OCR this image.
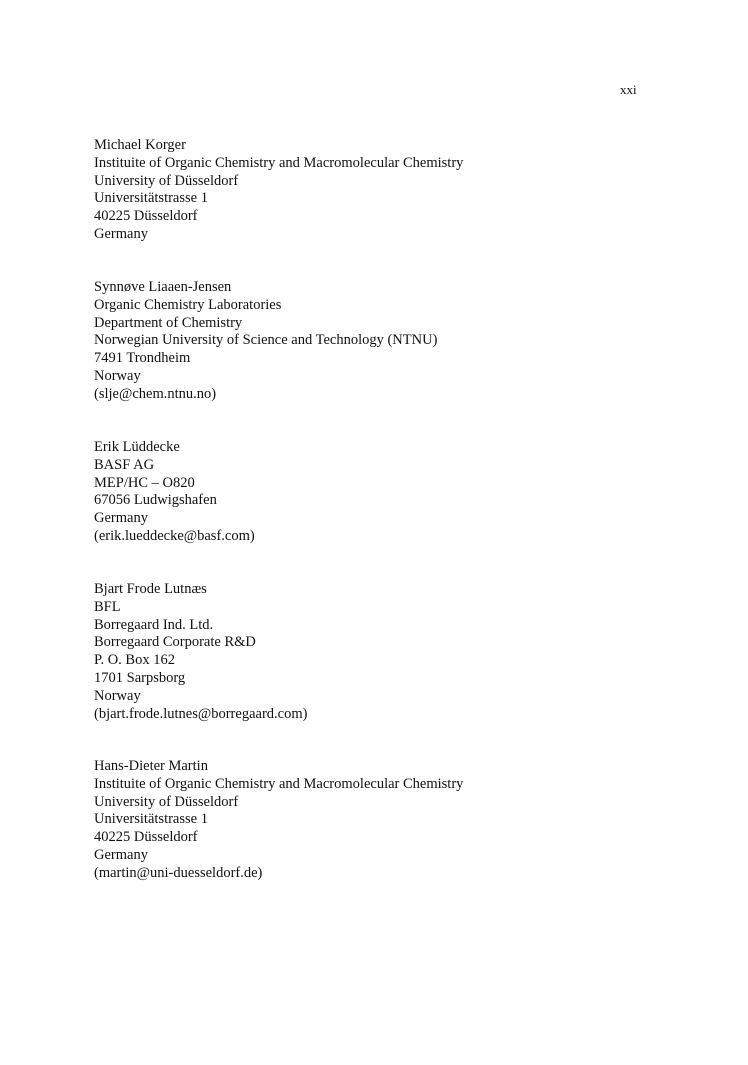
xxi
Michael Korger
Instituite of Organic Chemistry and Macromolecular Chemistry
University of Düsseldorf
Universitätstrasse 1
40225 Düsseldorf
Germany
Synnøve Liaaen-Jensen
Organic Chemistry Laboratories
Department of Chemistry
Norwegian University of Science and Technology (NTNU)
7491 Trondheim
Norway
(slje@chem.ntnu.no)
Erik Lüddecke
BASF AG
MEP/HC – O820
67056 Ludwigshafen
Germany
(erik.lueddecke@basf.com)
Bjart Frode Lutnæs
BFL
Borregaard Ind. Ltd.
Borregaard Corporate R&D
P. O. Box 162
1701 Sarpsborg
Norway
(bjart.frode.lutnes@borregaard.com)
Hans-Dieter Martin
Instituite of Organic Chemistry and Macromolecular Chemistry
University of Düsseldorf
Universitätstrasse 1
40225 Düsseldorf
Germany
(martin@uni-duesseldorf.de)
